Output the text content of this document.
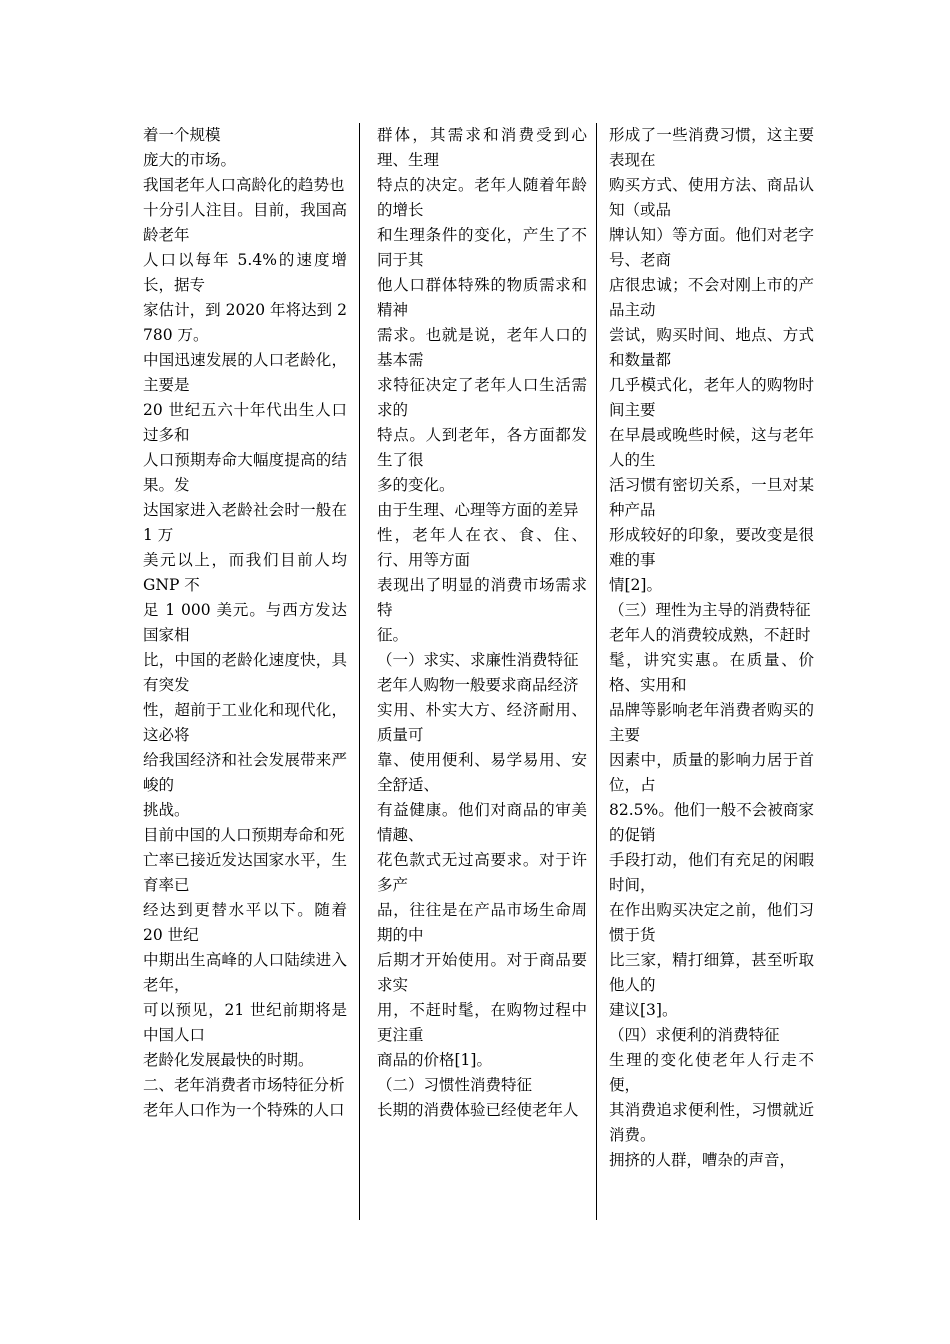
着一个规模

庞大的市场。

我国老年人口高龄化的趋势也

十分引人注目。目前，我国高龄老年

人口以每年 5.4%的速度增长，据专

家估计，到 2020 年将达到 2 780 万。

中国迅速发展的人口老龄化，主要是

20 世纪五六十年代出生人口过多和

人口预期寿命大幅度提高的结果。发

达国家进入老龄社会时一般在 1 万

美元以上，而我们目前人均 GNP 不

足 1 000 美元。与西方发达国家相

比，中国的老龄化速度快，具有突发

性，超前于工业化和现代化，这必将

给我国经济和社会发展带来严峻的

挑战。

目前中国的人口预期寿命和死

亡率已接近发达国家水平，生育率已

经达到更替水平以下。随着 20 世纪

中期出生高峰的人口陆续进入老年，

可以预见，21 世纪前期将是中国人口

老龄化发展最快的时期。

二、老年消费者市场特征分析

老年人口作为一个特殊的人口

群体，其需求和消费受到心理、生理

特点的决定。老年人随着年龄的增长

和生理条件的变化，产生了不同于其

他人口群体特殊的物质需求和精神

需求。也就是说，老年人口的基本需

求特征决定了老年人口生活需求的

特点。人到老年，各方面都发生了很

多的变化。

由于生理、心理等方面的差异

性，老年人在衣、食、住、行、用等方面

表现出了明显的消费市场需求特

征。

（一）求实、求廉性消费特征

老年人购物一般要求商品经济

实用、朴实大方、经济耐用、质量可

靠、使用便利、易学易用、安全舒适、

有益健康。他们对商品的审美情趣、

花色款式无过高要求。对于许多产

品，往往是在产品市场生命周期的中

后期才开始使用。对于商品要求实

用，不赶时髦，在购物过程中更注重

商品的价格[1]。

（二）习惯性消费特征

长期的消费体验已经使老年人

形成了一些消费习惯，这主要表现在

购买方式、使用方法、商品认知（或品

牌认知）等方面。他们对老字号、老商

店很忠诚；不会对刚上市的产品主动

尝试，购买时间、地点、方式和数量都

几乎模式化，老年人的购物时间主要

在早晨或晚些时候，这与老年人的生

活习惯有密切关系，一旦对某种产品

形成较好的印象，要改变是很难的事

情[2]。

（三）理性为主导的消费特征

老年人的消费较成熟，不赶时

髦，讲究实惠。在质量、价格、实用和

品牌等影响老年消费者购买的主要

因素中，质量的影响力居于首位，占

82.5%。他们一般不会被商家的促销

手段打动，他们有充足的闲暇时间，

在作出购买决定之前，他们习惯于货

比三家，精打细算，甚至听取他人的

建议[3]。

（四）求便利的消费特征

生理的变化使老年人行走不便，

其消费追求便利性，习惯就近消费。

拥挤的人群，嘈杂的声音，
